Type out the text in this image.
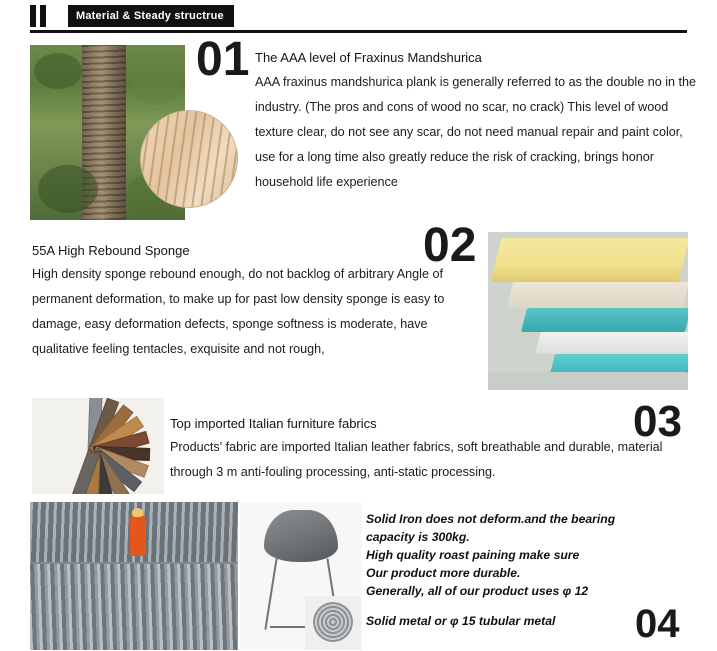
Material & Steady structrue
01 The AAA level of Fraxinus Mandshurica
AAA fraxinus mandshurica plank is generally referred to as the double no in the industry. (The pros and cons of wood no scar, no crack) This level of wood texture clear, do not see any scar, do not need manual repair and paint color, use for a long time also greatly reduce the risk of cracking, brings honor household life experience
55A High Rebound Sponge
High density sponge rebound enough, do not backlog of arbitrary Angle of permanent deformation, to make up for past low density sponge is easy to damage, easy deformation defects, sponge softness is moderate, have qualitative feeling tentacles, exquisite and not rough,
02
Top imported Italian furniture fabrics
Products' fabric are imported Italian leather fabrics, soft breathable and durable, material through 3 m anti-fouling processing, anti-static processing.
03

Solid Iron does not deform.and the bearing

capacity is 300kg.

High quality roast paining make sure

Our product more durable.

Generally, all of our product uses φ 12

Solid metal or φ 15 tubular metal	04
